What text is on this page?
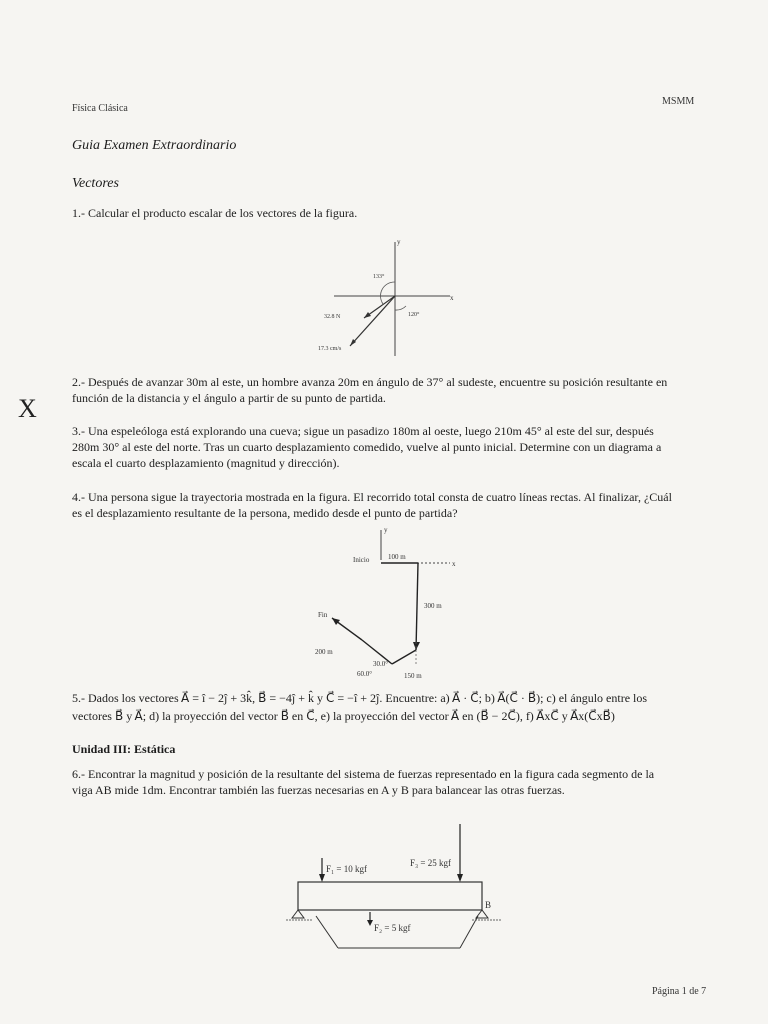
Física Clásica
MSMM
Guia Examen Extraordinario
Vectores
1.- Calcular el producto escalar de los vectores de la figura.
y
x
133°
120°
32.8 N
17.3 cm/s
X
2.- Después de avanzar 30m al este, un hombre avanza 20m en ángulo de 37° al sudeste, encuentre su posición resultante en
función de la distancia y el ángulo a partir de su punto de partida.
3.- Una espeleóloga está explorando una cueva; sigue un pasadizo 180m al oeste, luego 210m 45° al este del sur, después
280m 30° al este del norte. Tras un cuarto desplazamiento comedido, vuelve al punto inicial. Determine con un diagrama a
escala el cuarto desplazamiento (magnitud y dirección).
4.- Una persona sigue la trayectoria mostrada en la figura. El recorrido total consta de cuatro líneas rectas. Al finalizar, ¿Cuál
es el desplazamiento resultante de la persona, medido desde el punto de partida?
y
x
Inicio	100 m
300 m
Fin
200 m
60.0°
30.0°
150 m
5.- Dados los vectores A⃗ = î − 2ĵ + 3k̂, B⃗ = −4ĵ + k̂ y C⃗ = −î + 2ĵ. Encuentre: a) A⃗ · C⃗; b) A⃗(C⃗ · B⃗); c) el ángulo entre los
vectores B⃗ y A⃗; d) la proyección del vector B⃗ en C⃗, e) la proyección del vector A⃗ en (B⃗ − 2C⃗), f) A⃗xC⃗ y A⃗x(C⃗xB⃗)
Unidad III: Estática
6.- Encontrar la magnitud y posición de la resultante del sistema de fuerzas representado en la figura cada segmento de la
viga AB mide 1dm. Encontrar también las fuerzas necesarias en A y B para balancear las otras fuerzas.
F₁ = 10 kgf
F₃ = 25 kgf
F₂ = 5 kgf
B
Página 1 de 7
